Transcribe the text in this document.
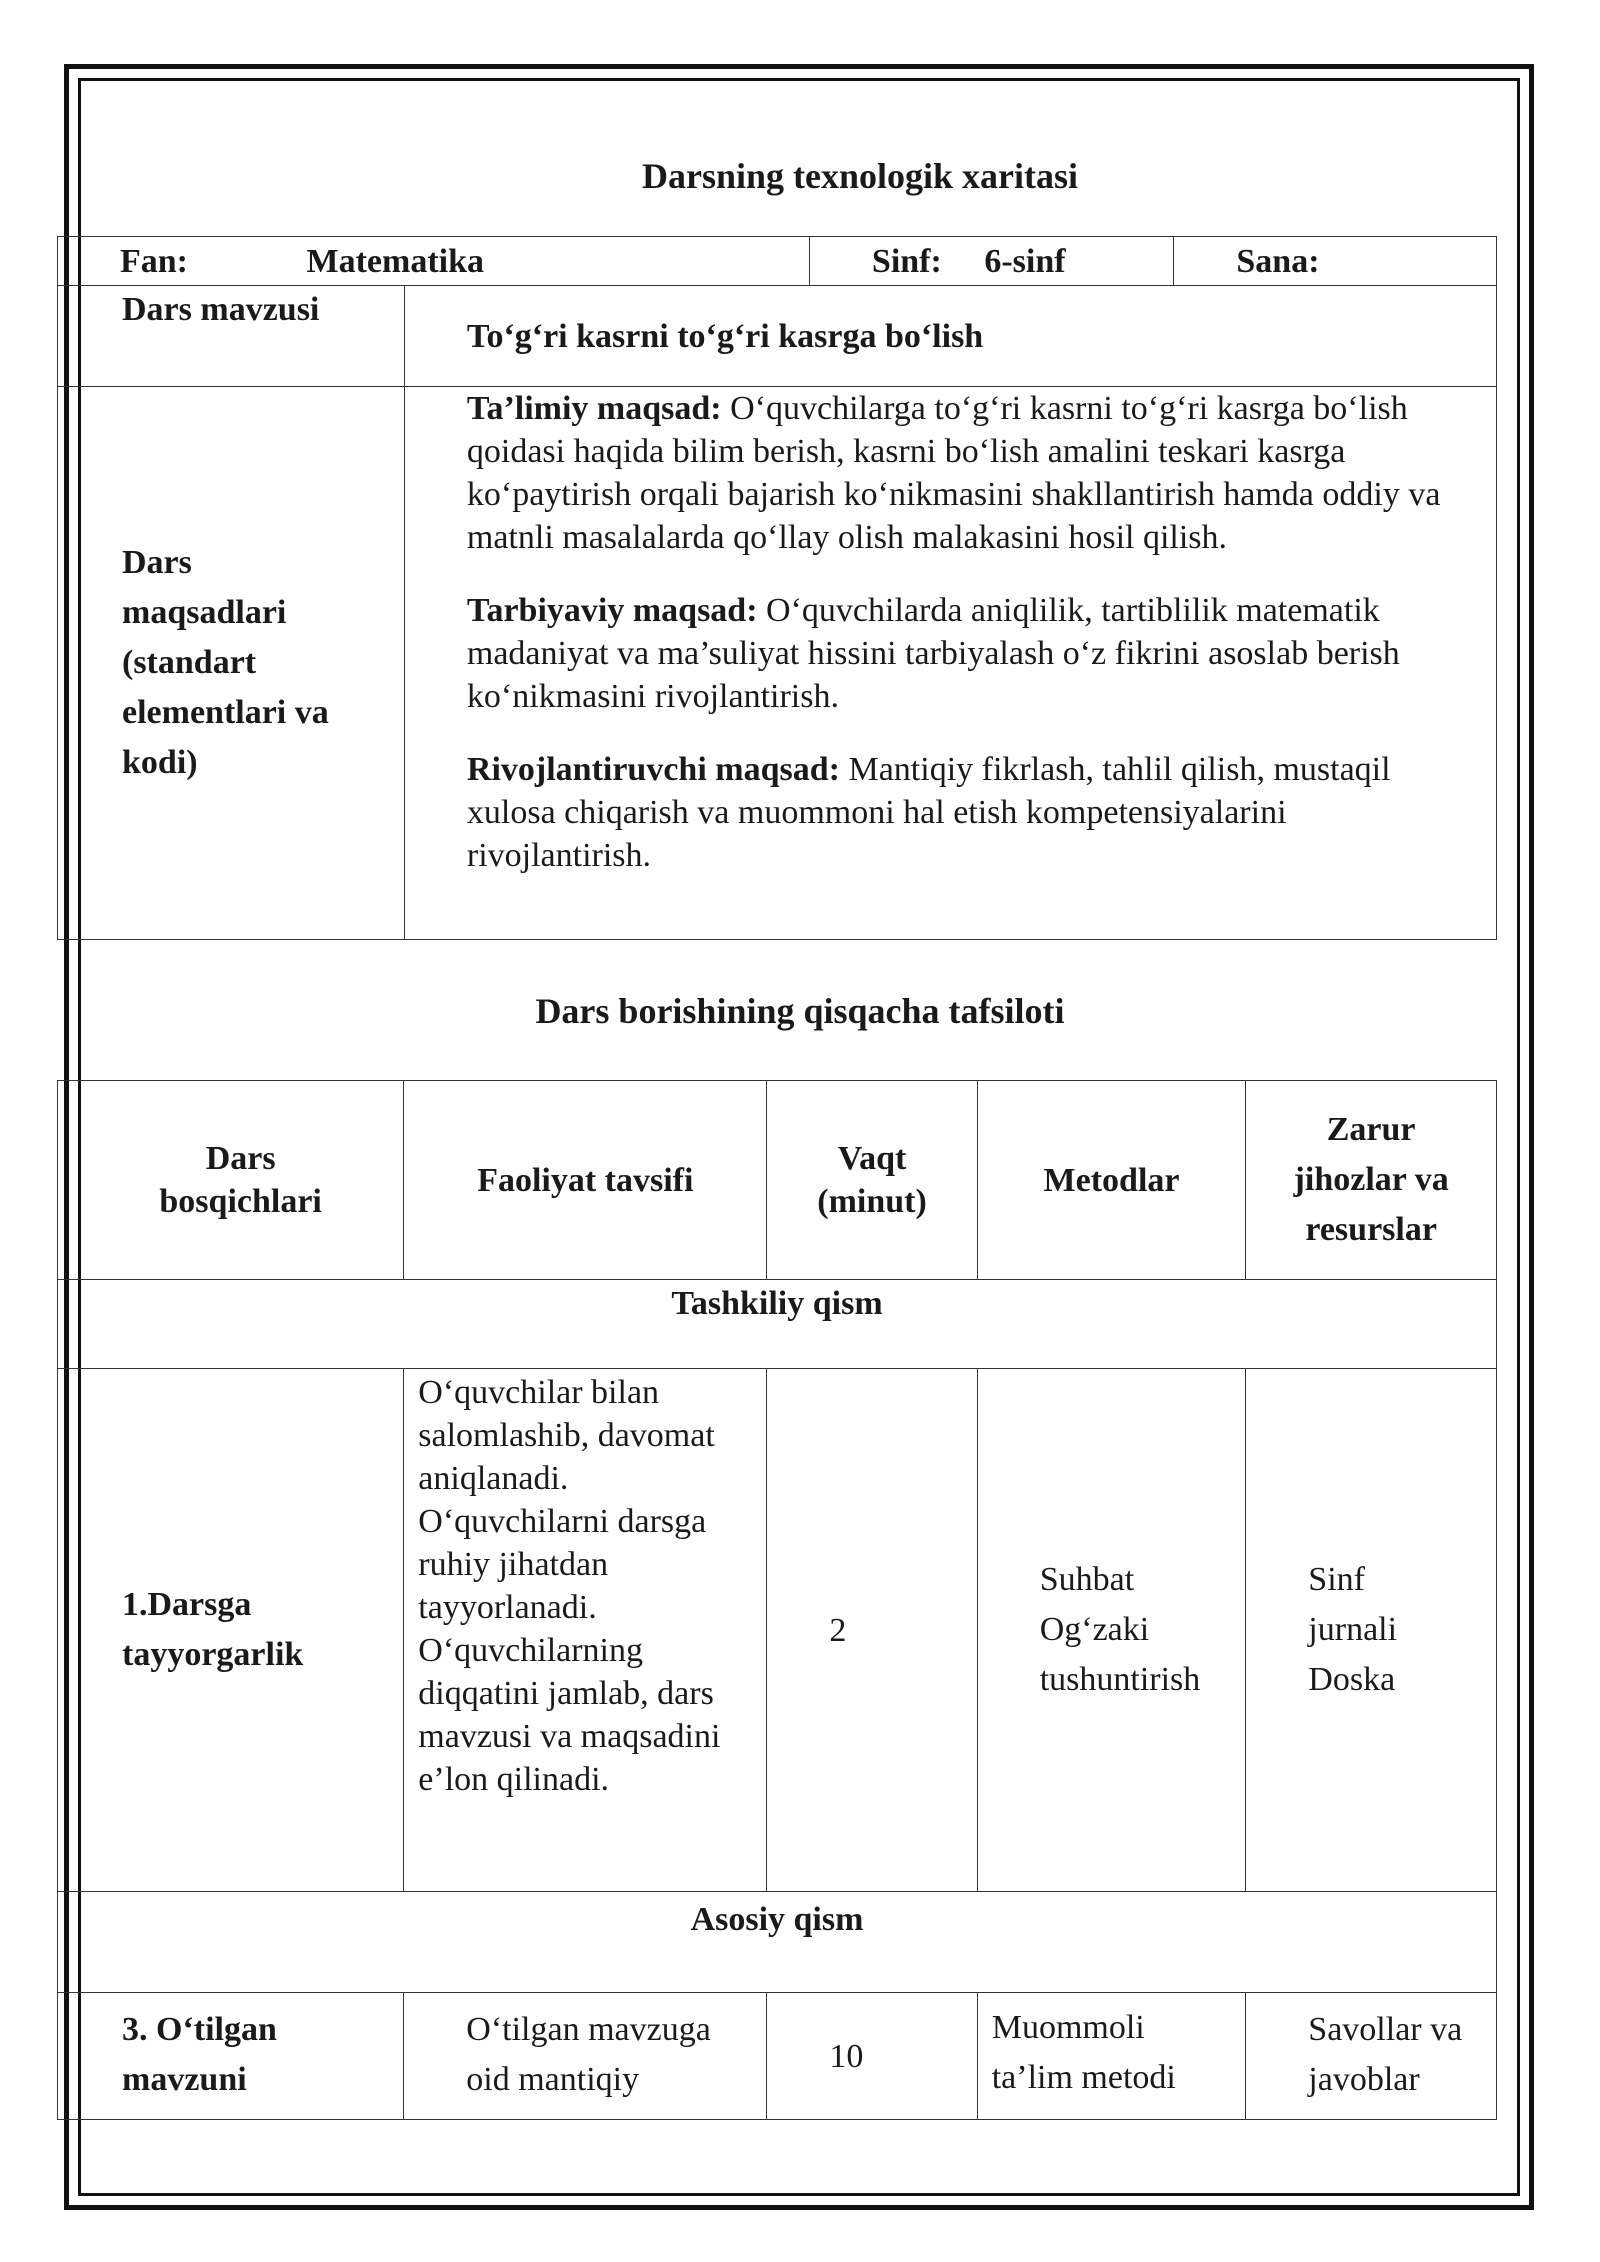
Darsning texnologik xaritasi
Fan:	Matematika	Sinf: 6-sinf	Sana:

Dars mavzusi	To‘g‘ri kasrni to‘g‘ri kasrga bo‘lish

Dars maqsadlari (standart elementlari va kodi)	Ta’limiy maqsad: O‘quvchilarga to‘g‘ri kasrni to‘g‘ri kasrga bo‘lish qoidasi haqida bilim berish, kasrni bo‘lish amalini teskari kasrga ko‘paytirish orqali bajarish ko‘nikmasini shakllantirish hamda oddiy va matnli masalalarda qo‘llay olish malakasini hosil qilish.

Tarbiyaviy maqsad: O‘quvchilarda aniqlilik, tartiblilik matematik madaniyat va ma’suliyat hissini tarbiyalash o‘z fikrini asoslab berish ko‘nikmasini rivojlantirish.

Rivojlantiruvchi maqsad: Mantiqiy fikrlash, tahlil qilish, mustaqil xulosa chiqarish va muommoni hal etish kompetensiyalarini rivojlantirish.

Dars borishining qisqacha tafsiloti

Dars bosqichlari	Faoliyat tavsifi	Vaqt (minut)	Metodlar	Zarur jihozlar va resurslar

Tashkiliy qism				

1.Darsga tayyorgarlik	O‘quvchilar bilan salomlashib, davomat aniqlanadi. O‘quvchilarni darsga ruhiy jihatdan tayyorlanadi. O‘quvchilarning diqqatini jamlab, dars mavzusi va maqsadini e’lon qilinadi.	2	Suhbat Og‘zaki tushuntirish	Sinf jurnali Doska

Asosiy qism				

3. O‘tilgan mavzuni	O‘tilgan mavzuga oid mantiqiy	10	Muommoli ta’lim metodi	Savollar va javoblar
